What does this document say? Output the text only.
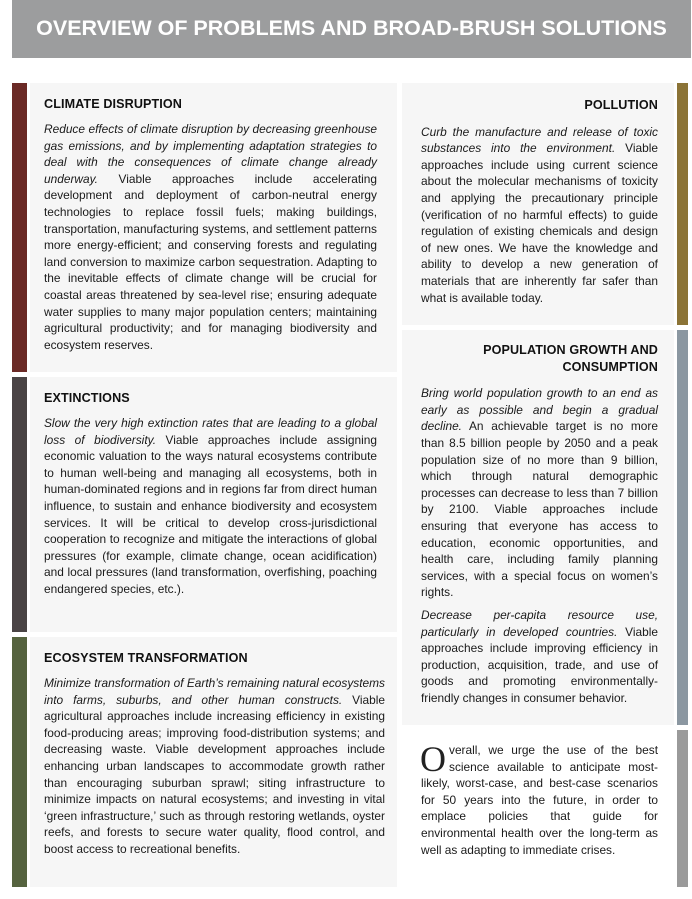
OVERVIEW OF PROBLEMS AND BROAD-BRUSH SOLUTIONS
CLIMATE DISRUPTION

Reduce effects of climate disruption by decreasing greenhouse gas emissions, and by implementing adaptation strategies to deal with the consequences of climate change already underway. Viable approaches include accelerating development and deployment of carbon-neutral energy technologies to replace fossil fuels; making buildings, transportation, manufacturing systems, and settlement patterns more energy-efficient; and conserving forests and regulating land conversion to maximize carbon sequestration. Adapting to the inevitable effects of climate change will be crucial for coastal areas threatened by sea-level rise; ensuring adequate water supplies to many major population centers; maintaining agricultural productivity; and for managing biodiversity and ecosystem reserves.

EXTINCTIONS

Slow the very high extinction rates that are leading to a global loss of biodiversity. Viable approaches include assigning economic valuation to the ways natural ecosystems contribute to human well-being and managing all ecosystems, both in human-dominated regions and in regions far from direct human influence, to sustain and enhance biodiversity and ecosystem services. It will be critical to develop cross-jurisdictional cooperation to recognize and mitigate the interactions of global pressures (for example, climate change, ocean acidification) and local pressures (land transformation, overfishing, poaching endangered species, etc.).

ECOSYSTEM TRANSFORMATION

Minimize transformation of Earth’s remaining natural ecosystems into farms, suburbs, and other human constructs. Viable agricultural approaches include increasing efficiency in existing food-producing areas; improving food-distribution systems; and decreasing waste. Viable development approaches include enhancing urban landscapes to accommodate growth rather than encouraging suburban sprawl; siting infrastructure to minimize impacts on natural ecosystems; and investing in vital ‘green infrastructure,’ such as through restoring wetlands, oyster reefs, and forests to secure water quality, flood control, and boost access to recreational benefits.

POLLUTION

Curb the manufacture and release of toxic substances into the environment. Viable approaches include using current science about the molecular mechanisms of toxicity and applying the precautionary principle (verification of no harmful effects) to guide regulation of existing chemicals and design of new ones. We have the knowledge and ability to develop a new generation of materials that are inherently far safer than what is available today.

POPULATION GROWTH AND CONSUMPTION

Bring world population growth to an end as early as possible and begin a gradual decline. An achievable target is no more than 8.5 billion people by 2050 and a peak population size of no more than 9 billion, which through natural demographic processes can decrease to less than 7 billion by 2100. Viable approaches include ensuring that everyone has access to education, economic opportunities, and health care, including family planning services, with a special focus on women’s rights.

Decrease per-capita resource use, particularly in developed countries. Viable approaches include improving efficiency in production, acquisition, trade, and use of goods and promoting environmentally-friendly changes in consumer behavior.

Overall, we urge the use of the best science available to anticipate most-likely, worst-case, and best-case scenarios for 50 years into the future, in order to emplace policies that guide for environmental health over the long-term as well as adapting to immediate crises.
